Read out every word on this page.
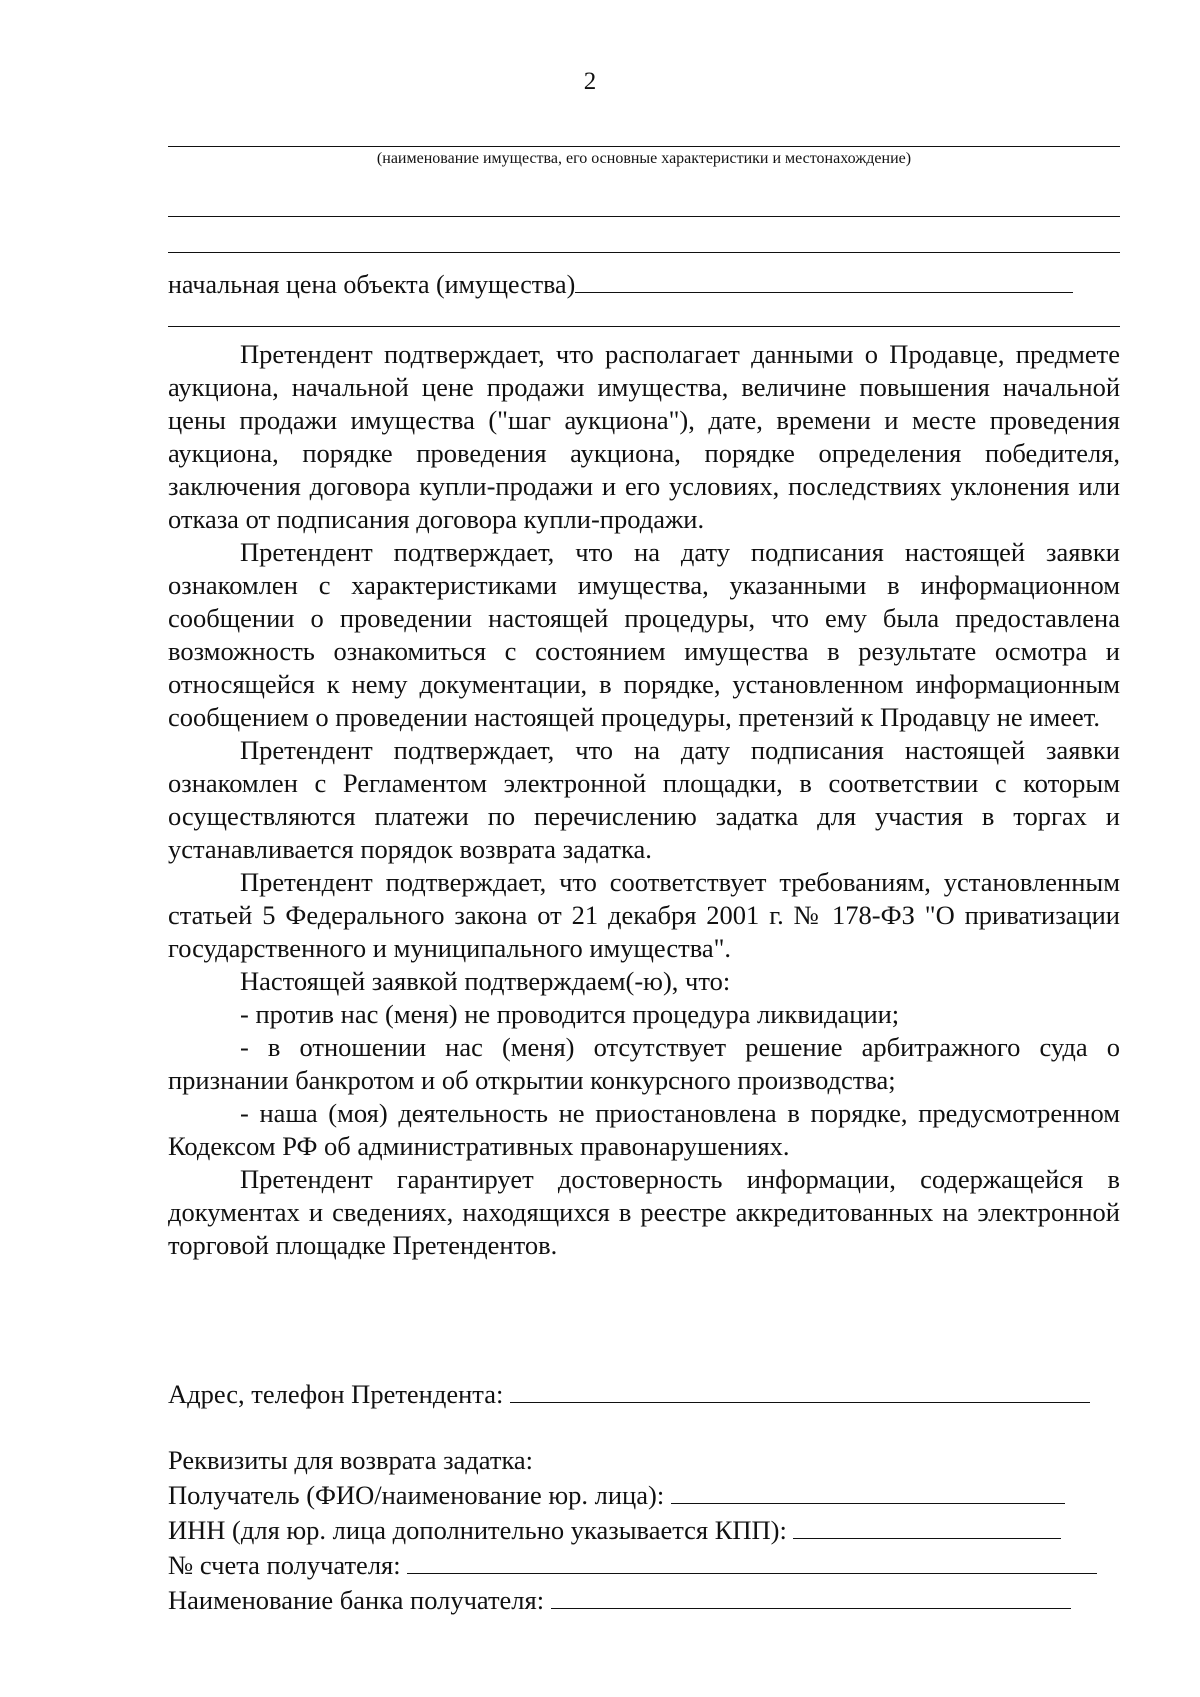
2
(наименование имущества, его основные характеристики и местонахождение)
начальная цена объекта (имущества)

Претендент подтверждает, что располагает данными о Продавце, предмете аукциона, начальной цене продажи имущества, величине повышения начальной цены продажи имущества ("шаг аукциона"), дате, времени и месте проведения аукциона, порядке проведения аукциона, порядке определения победителя, заключения договора купли-продажи и его условиях, последствиях уклонения или отказа от подписания договора купли-продажи.

Претендент подтверждает, что на дату подписания настоящей заявки ознакомлен с характеристиками имущества, указанными в информационном сообщении о проведении настоящей процедуры, что ему была предоставлена возможность ознакомиться с состоянием имущества в результате осмотра и относящейся к нему документации, в порядке, установленном информационным сообщением о проведении настоящей процедуры, претензий к Продавцу не имеет.

Претендент подтверждает, что на дату подписания настоящей заявки ознакомлен с Регламентом электронной площадки, в соответствии с которым осуществляются платежи по перечислению задатка для участия в торгах и устанавливается порядок возврата задатка.

Претендент подтверждает, что соответствует требованиям, установленным статьей 5 Федерального закона от 21 декабря 2001 г. № 178-ФЗ "О приватизации государственного и муниципального имущества".

Настоящей заявкой подтверждаем(-ю), что:

- против нас (меня) не проводится процедура ликвидации;

- в отношении нас (меня) отсутствует решение арбитражного суда о признании банкротом и об открытии конкурсного производства;

- наша (моя) деятельность не приостановлена в порядке, предусмотренном Кодексом РФ об административных правонарушениях.

Претендент гарантирует достоверность информации, содержащейся в документах и сведениях, находящихся в реестре аккредитованных на электронной торговой площадке Претендентов.

Адрес, телефон Претендента:
Реквизиты для возврата задатка:
Получатель (ФИО/наименование юр. лица):
ИНН (для юр. лица дополнительно указывается КПП):
№ счета получателя:
Наименование банка получателя:
